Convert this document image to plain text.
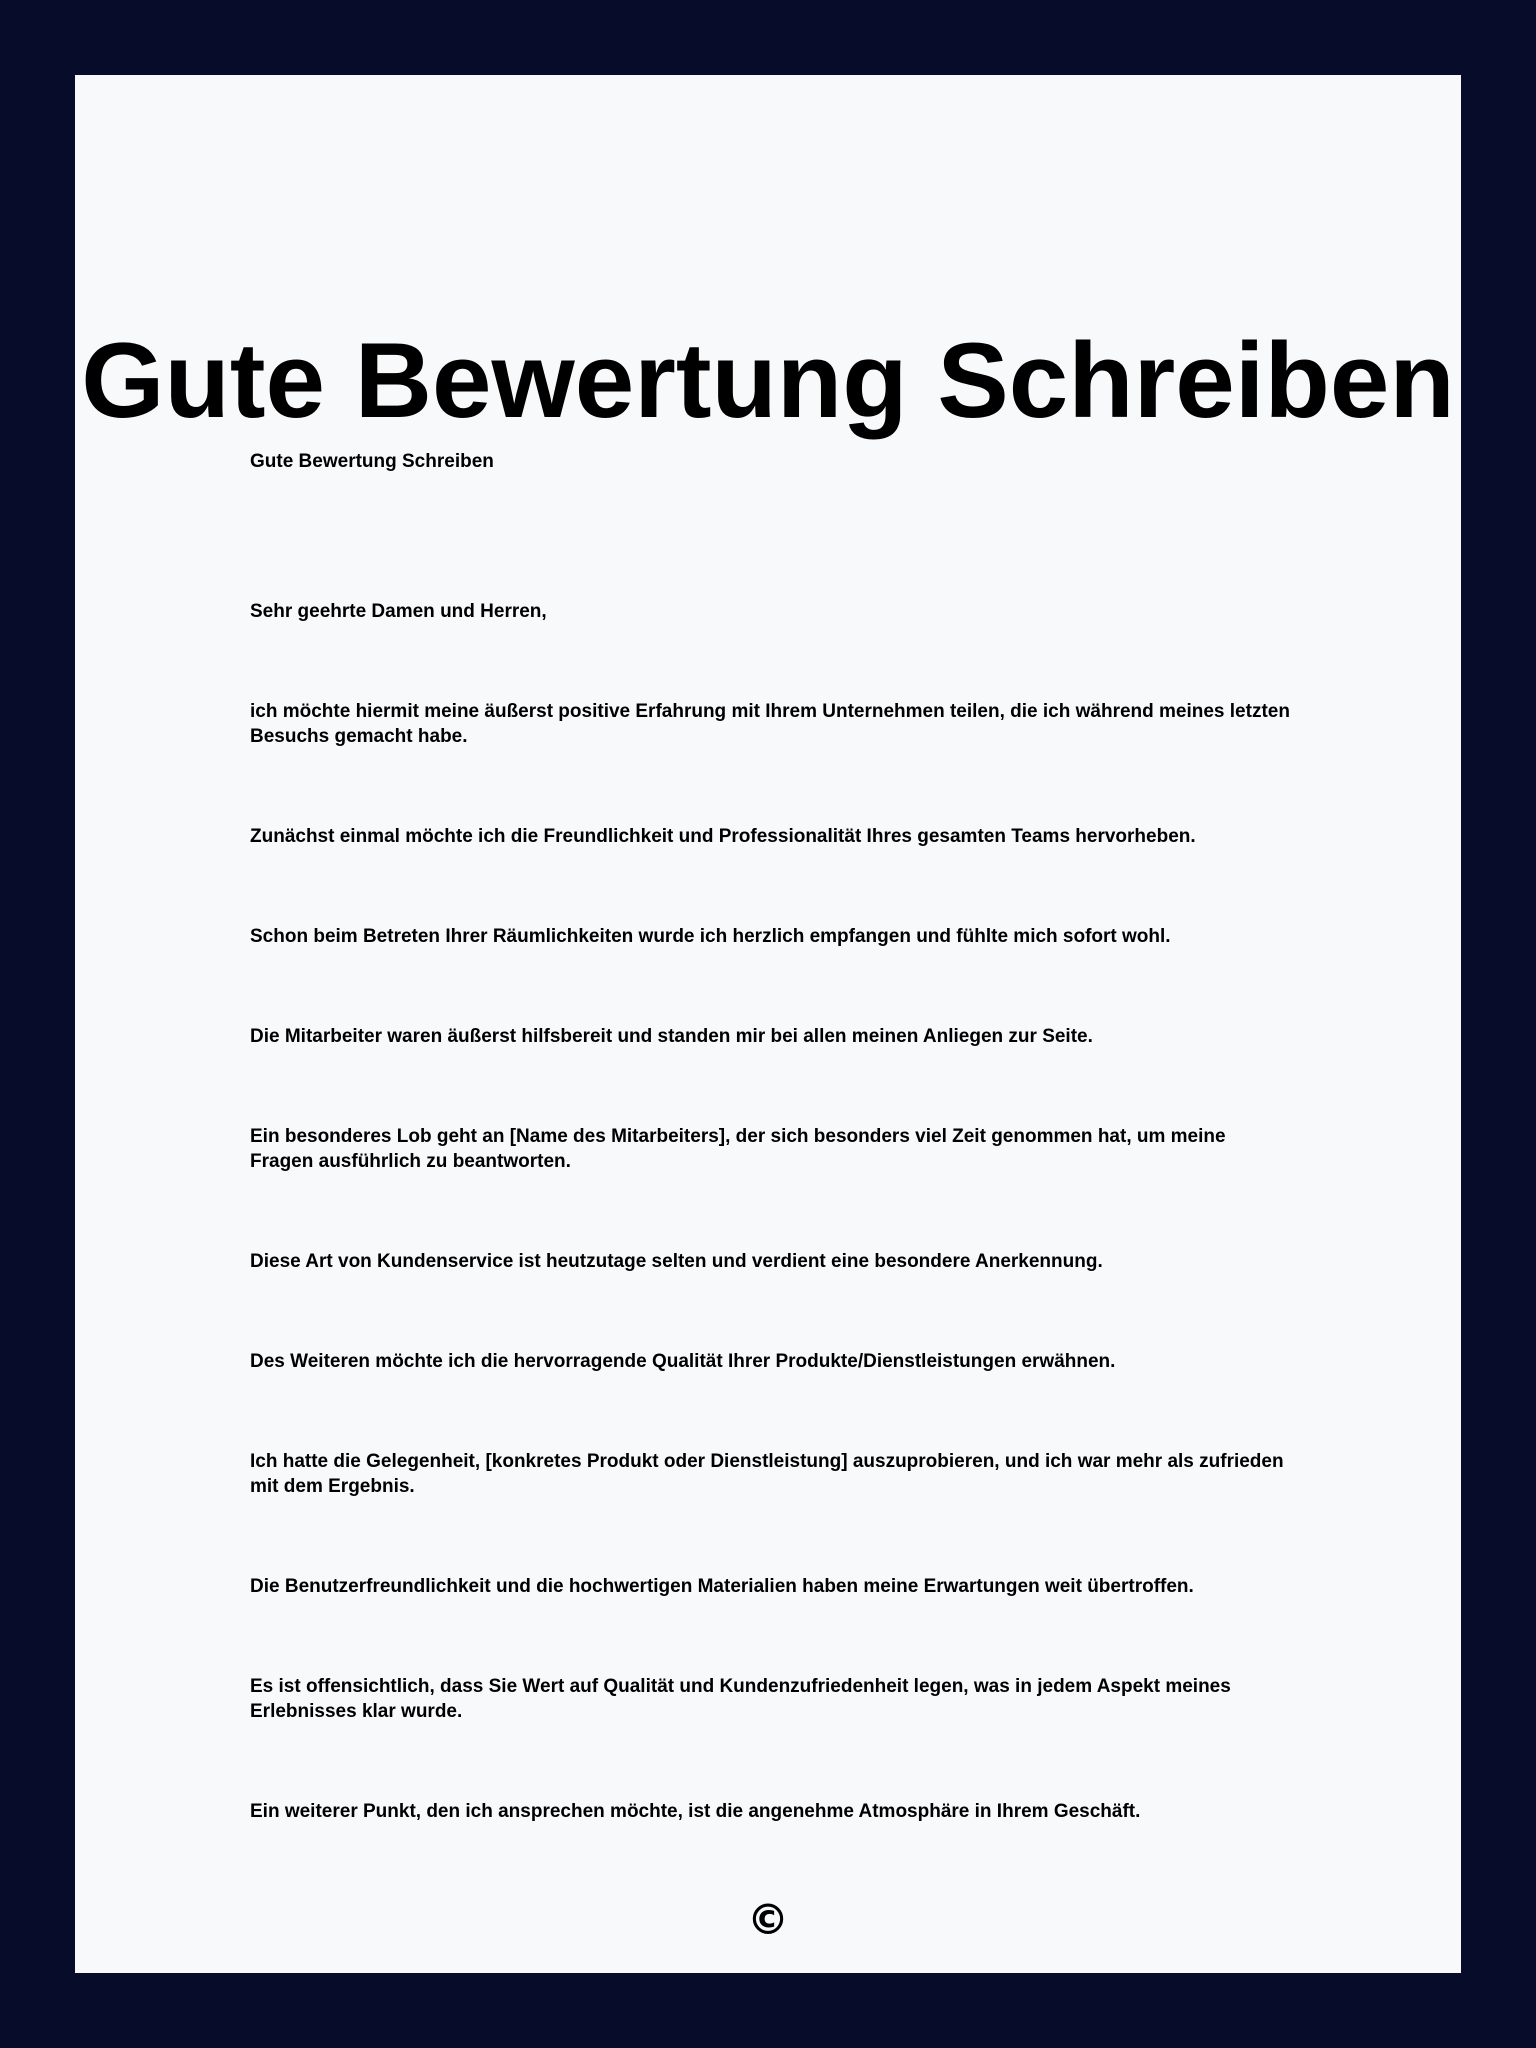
Gute Bewertung Schreiben

Gute Bewertung Schreiben

Sehr geehrte Damen und Herren,

ich möchte hiermit meine äußerst positive Erfahrung mit Ihrem Unternehmen teilen, die ich während meines letzten Besuchs gemacht habe.

Zunächst einmal möchte ich die Freundlichkeit und Professionalität Ihres gesamten Teams hervorheben.

Schon beim Betreten Ihrer Räumlichkeiten wurde ich herzlich empfangen und fühlte mich sofort wohl.

Die Mitarbeiter waren äußerst hilfsbereit und standen mir bei allen meinen Anliegen zur Seite.

Ein besonderes Lob geht an [Name des Mitarbeiters], der sich besonders viel Zeit genommen hat, um meine Fragen ausführlich zu beantworten.

Diese Art von Kundenservice ist heutzutage selten und verdient eine besondere Anerkennung.

Des Weiteren möchte ich die hervorragende Qualität Ihrer Produkte/Dienstleistungen erwähnen.

Ich hatte die Gelegenheit, [konkretes Produkt oder Dienstleistung] auszuprobieren, und ich war mehr als zufrieden mit dem Ergebnis.

Die Benutzerfreundlichkeit und die hochwertigen Materialien haben meine Erwartungen weit übertroffen.

Es ist offensichtlich, dass Sie Wert auf Qualität und Kundenzufriedenheit legen, was in jedem Aspekt meines Erlebnisses klar wurde.

Ein weiterer Punkt, den ich ansprechen möchte, ist die angenehme Atmosphäre in Ihrem Geschäft.

©
